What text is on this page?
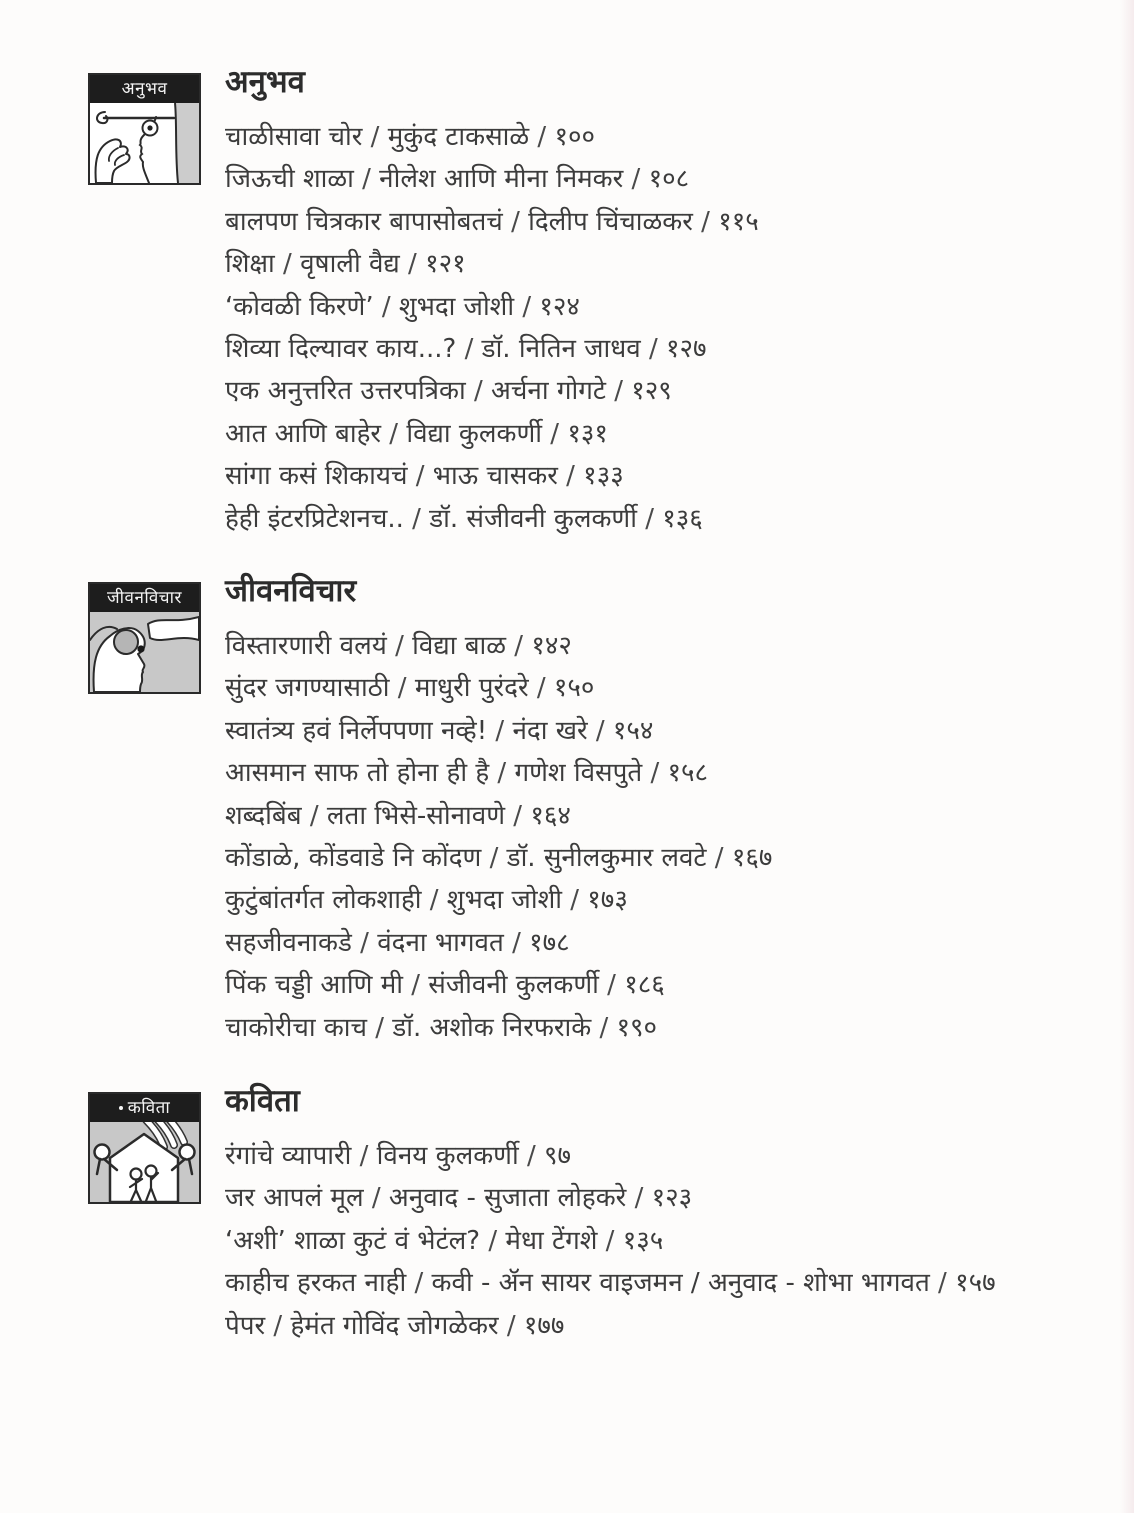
अनुभव अनुभव
चाळीसावा चोर / मुकुंद टाकसाळे / १००
जिऊची शाळा / नीलेश आणि मीना निमकर / १०८
बालपण चित्रकार बापासोबतचं / दिलीप चिंचाळकर / ११५
शिक्षा / वृषाली वैद्य / १२१
‘कोवळी किरणे’ / शुभदा जोशी / १२४
शिव्या दिल्यावर काय...? / डॉ. नितिन जाधव / १२७
एक अनुत्तरित उत्तरपत्रिका / अर्चना गोगटे / १२९
आत आणि बाहेर / विद्या कुलकर्णी / १३१
सांगा कसं शिकायचं / भाऊ चासकर / १३३
हेही इंटरप्रिटेशनच.. / डॉ. संजीवनी कुलकर्णी / १३६
जीवनविचार जीवनविचार
विस्तारणारी वलयं / विद्या बाळ / १४२
सुंदर जगण्यासाठी / माधुरी पुरंदरे / १५०
स्वातंत्र्य हवं निर्लेपपणा नव्हे! / नंदा खरे / १५४
आसमान साफ तो होना ही है / गणेश विसपुते / १५८
शब्दबिंब / लता भिसे-सोनावणे / १६४
कोंडाळे, कोंडवाडे नि कोंदण / डॉ. सुनीलकुमार लवटे / १६७
कुटुंबांतर्गत लोकशाही / शुभदा जोशी / १७३
सहजीवनाकडे / वंदना भागवत / १७८
पिंक चड्डी आणि मी / संजीवनी कुलकर्णी / १८६
चाकोरीचा काच / डॉ. अशोक निरफराके / १९०
कविता कविता
रंगांचे व्यापारी / विनय कुलकर्णी / ९७
जर आपलं मूल / अनुवाद - सुजाता लोहकरे / १२३
‘अशी’ शाळा कुटं वं भेटंल? / मेधा टेंगशे / १३५
काहीच हरकत नाही / कवी - ॲन सायर वाइजमन / अनुवाद - शोभा भागवत / १५७
पेपर / हेमंत गोविंद जोगळेकर / १७७
